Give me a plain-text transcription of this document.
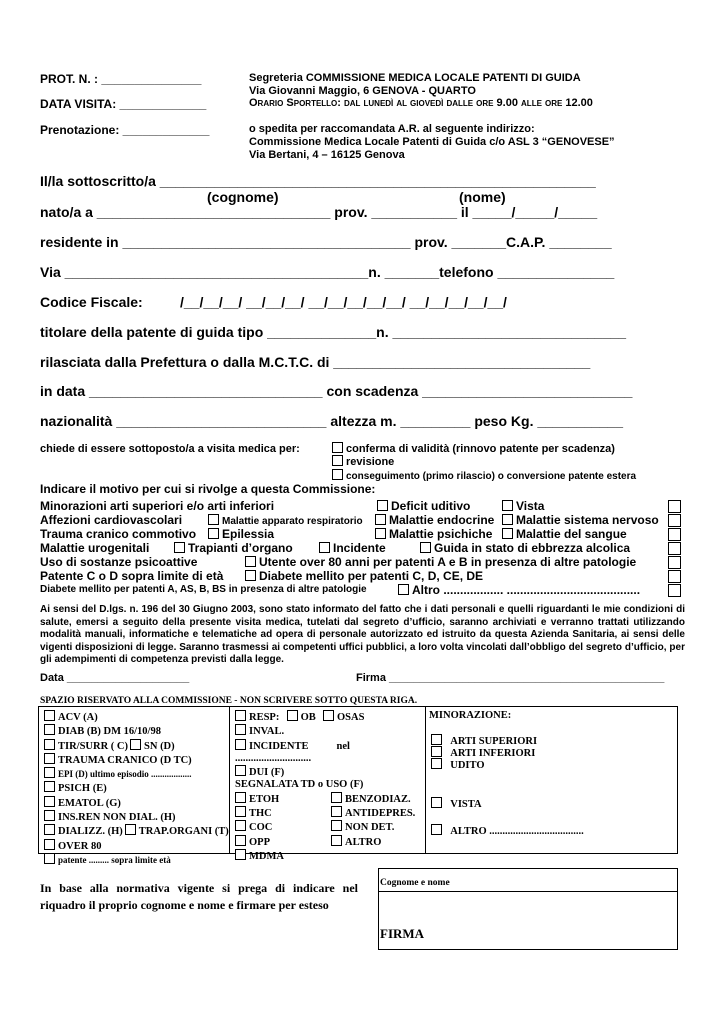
PROT. N. : _______________
DATA VISITA: _____________
Prenotazione: _____________
Segreteria COMMISSIONE MEDICA LOCALE PATENTI DI GUIDA
Via Giovanni Maggio, 6 GENOVA - QUARTO
Orario Sportello: dal lunedì al giovedì dalle ore 9.00 alle ore 12.00
o spedita per raccomandata A.R. al seguente indirizzo:
Commissione Medica Locale Patenti di Guida c/o ASL 3 “GENOVESE”
Via Bertani, 4 – 16125 Genova
Il/la sottoscritto/a ________________________________________________________
(cognome)	(nome)
nato/a a ______________________________ prov. ___________ il _____/_____/_____
residente in _____________________________________ prov. _______C.A.P. ________
Via _______________________________________n. _______telefono _______________
Codice Fiscale:	/__/__/__/ __/__/__/ __/__/__/__/__/ __/__/__/__/__/
titolare della patente di guida tipo ______________n. ______________________________
rilasciata dalla Prefettura o dalla M.C.T.C. di _________________________________
in data ______________________________ con scadenza ___________________________
nazionalità ___________________________ altezza m. _________ peso Kg. ___________
chiede di essere sottoposto/a a visita medica per:	conferma di validità (rinnovo patente per scadenza)
revisione
conseguimento (primo rilascio) o conversione patente estera
Indicare il motivo per cui si rivolge a questa Commissione:
Minorazioni arti superiori e/o arti inferiori	Deficit uditivo	Vista
Affezioni cardiovascolari	Malattie apparato respiratorio	Malattie endocrine	Malattie sistema nervoso
Trauma cranico commotivo	Epilessia	Malattie psichiche	Malattie del sangue
Malattie urogenitali	Trapianti d’organo	Incidente	Guida in stato di ebbrezza alcolica
Uso di sostanze psicoattive	Utente over 80 anni per patenti A e B in presenza di altre patologie
Patente C o D sopra limite di età	Diabete mellito per patenti C, D, CE, DE
Diabete mellito per patenti A, AS, B, BS in presenza di altre patologie	Altro .................. ........................................
Ai sensi del D.lgs. n. 196 del 30 Giugno 2003, sono stato informato del fatto che i dati personali e quelli riguardanti le mie condizioni di salute, emersi a seguito della presente visita medica, tutelati dal segreto d’ufficio, saranno archiviati e verranno trattati utilizzando modalità manuali, informatiche e telematiche ad opera di personale autorizzato ed istruito da questa Azienda Sanitaria, ai sensi delle vigenti disposizioni di legge. Saranno trasmessi ai competenti uffici pubblici, a loro volta vincolati dall’obbligo del segreto d’ufficio, per gli adempimenti di competenza previsti dalla legge.
Data ____________________	Firma _____________________________________________
SPAZIO RISERVATO ALLA COMMISSIONE - NON SCRIVERE SOTTO QUESTA RIGA.
ACV (A)
DIAB (B) DM 16/10/98
TIR/SURR ( C) SN (D)
TRAUMA CRANICO (D TC)
EPI (D) ultimo episodio ..................
PSICH (E)
EMATOL (G)
INS.REN NON DIAL. (H)
DIALIZZ. (H) TRAP.ORGANI (T)
OVER 80
patente ......... sopra limite età
RESP: OB OSAS
INVAL.
INCIDENTE	nel
.............................
DUI (F)
SEGNALATA TD o USO (F)
ETOH	BENZODIAZ.
THC	ANTIDEPRES.
COC	NON DET.
OPP	ALTRO
MDMA
MINORAZIONE:
ARTI SUPERIORI
ARTI INFERIORI
UDITO
VISTA
ALTRO ....................................
In base alla normativa vigente si prega di indicare nel riquadro il proprio cognome e nome e firmare per esteso
Cognome e nome
FIRMA
